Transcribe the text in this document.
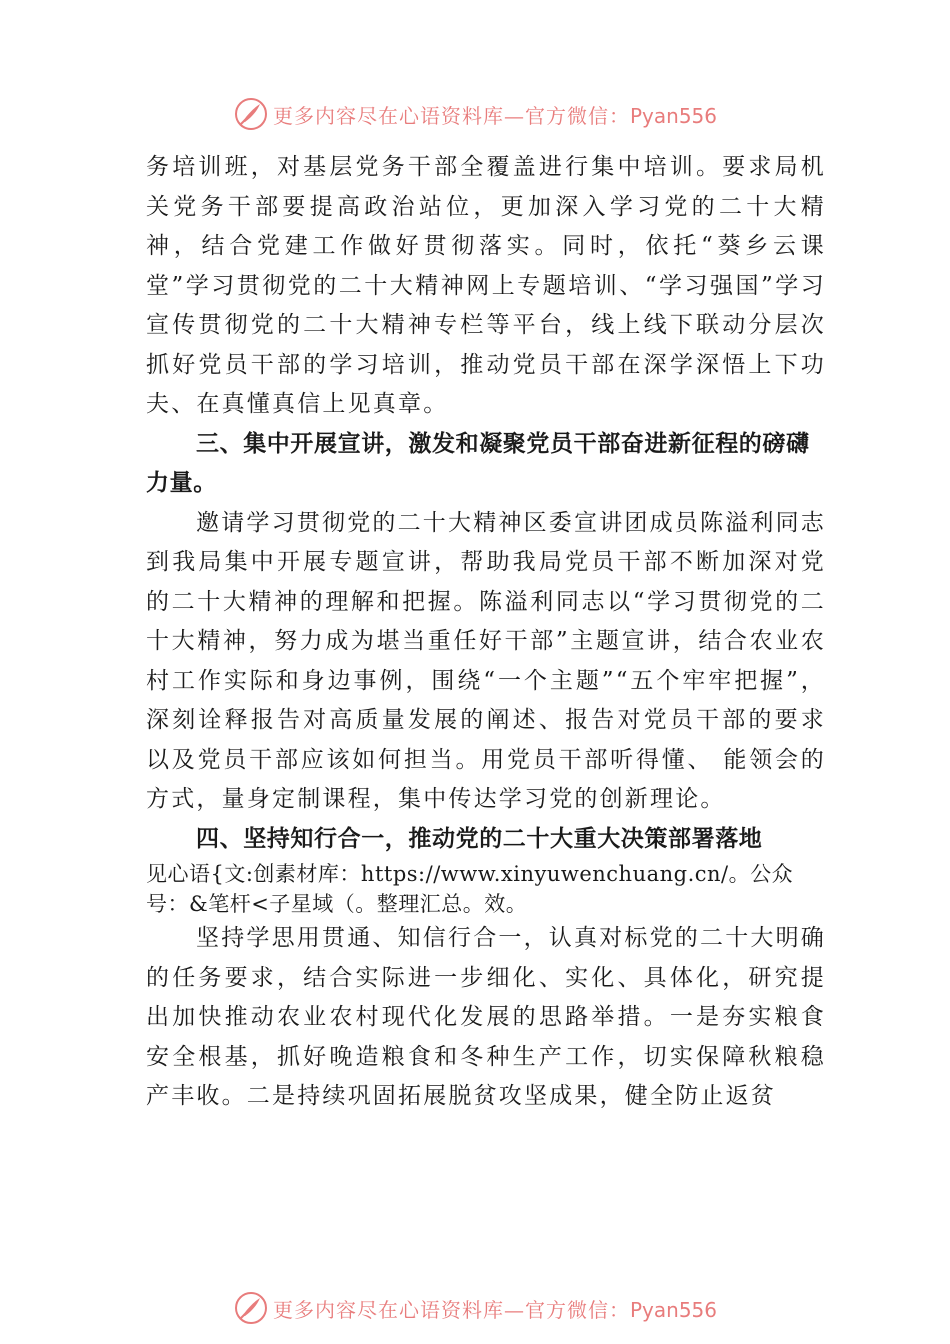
更多内容尽在心语资料库—官方微信：Pyan556

务培训班，对基层党务干部全覆盖进行集中培训。要求局机关党务干部要提高政治站位，更加深入学习党的二十大精神，结合党建工作做好贯彻落实。同时，依托“葵乡云课堂”学习贯彻党的二十大精神网上专题培训、“学习强国”学习宣传贯彻党的二十大精神专栏等平台，线上线下联动分层次抓好党员干部的学习培训，推动党员干部在深学深悟上下功夫、在真懂真信上见真章。

三、集中开展宣讲，激发和凝聚党员干部奋进新征程的磅礴力量。

邀请学习贯彻党的二十大精神区委宣讲团成员陈溢利同志到我局集中开展专题宣讲，帮助我局党员干部不断加深对党的二十大精神的理解和把握。陈溢利同志以“学习贯彻党的二十大精神，努力成为堪当重任好干部”主题宣讲，结合农业农村工作实际和身边事例，围绕“一个主题”“五个牢牢把握”，深刻诠释报告对高质量发展的阐述、报告对党员干部的要求以及党员干部应该如何担当。用党员干部听得懂、 能领会的方式，量身定制课程，集中传达学习党的创新理论。

四、坚持知行合一，推动党的二十大重大决策部署落地

见心语{文:创素材库：https://www.xinyuwenchuang.cn/。公众号：&笔杆<子星域（。整理汇总。效。

坚持学思用贯通、知信行合一，认真对标党的二十大明确的任务要求，结合实际进一步细化、实化、具体化，研究提出加快推动农业农村现代化发展的思路举措。一是夯实粮食安全根基，抓好晚造粮食和冬种生产工作，切实保障秋粮稳产丰收。二是持续巩固拓展脱贫攻坚成果，健全防止返贫

更多内容尽在心语资料库—官方微信：Pyan556
